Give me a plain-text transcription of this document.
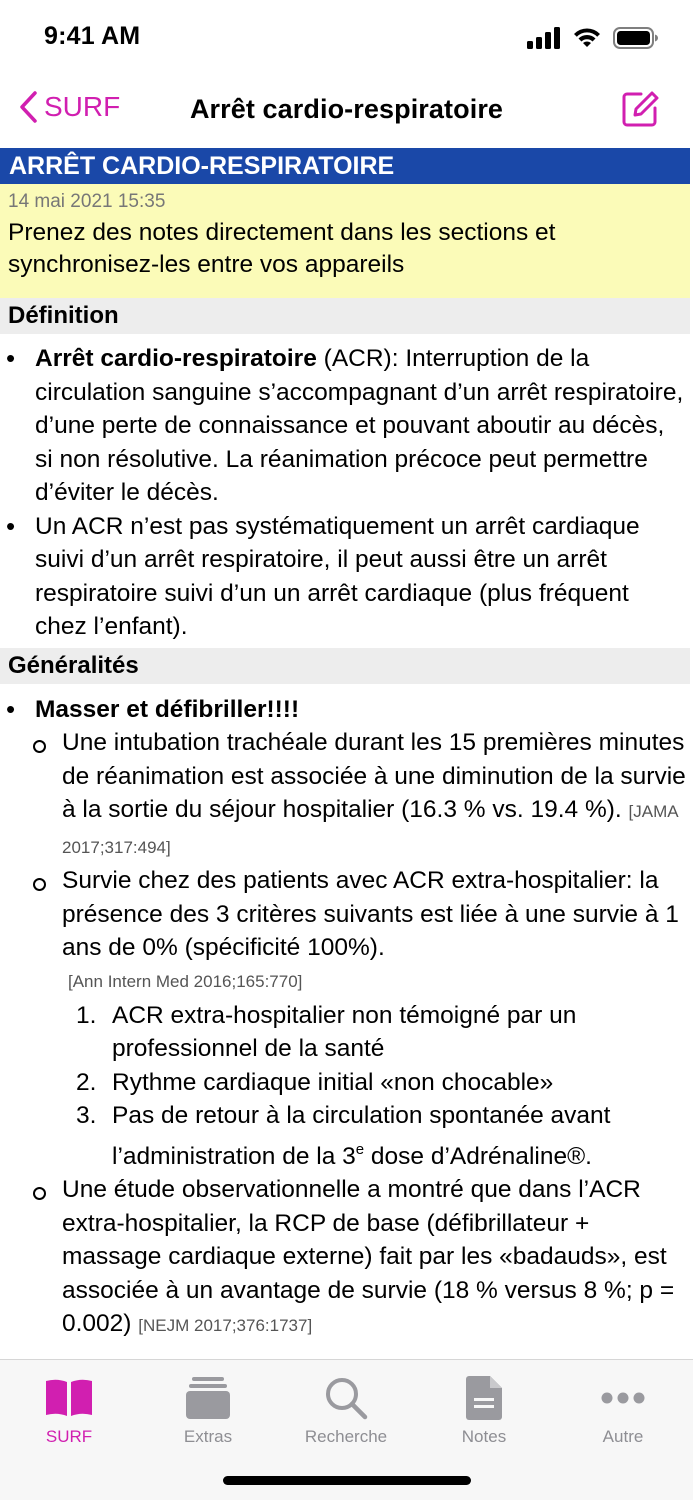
9:41 AM
SURF	Arrêt cardio-respiratoire
ARRÊT CARDIO-RESPIRATOIRE
14 mai 2021 15:35
Prenez des notes directement dans les sections et synchronisez-les entre vos appareils
Définition
• Arrêt cardio-respiratoire (ACR): Interruption de la circulation sanguine s’accompagnant d’un arrêt respiratoire, d’une perte de connaissance et pouvant aboutir au décès, si non résolutive. La réanimation précoce peut permettre d’éviter le décès.
• Un ACR n’est pas systématiquement un arrêt cardiaque suivi d’un arrêt respiratoire, il peut aussi être un arrêt respiratoire suivi d’un un arrêt cardiaque (plus fréquent chez l’enfant).
Généralités
• Masser et défibriller!!!!
Une intubation trachéale durant les 15 premières minutes de réanimation est associée à une diminution de la survie à la sortie du séjour hospitalier (16.3 % vs. 19.4 %). [JAMA 2017;317:494]
Survie chez des patients avec ACR extra-hospitalier: la présence des 3 critères suivants est liée à une survie à 1 ans de 0% (spécificité 100%).
[Ann Intern Med 2016;165:770]
1. ACR extra-hospitalier non témoigné par un professionnel de la santé
2. Rythme cardiaque initial «non chocable»
3. Pas de retour à la circulation spontanée avant l’administration de la 3e dose d’Adrénaline®.
Une étude observationnelle a montré que dans l’ACR extra-hospitalier, la RCP de base (défibrillateur + massage cardiaque externe) fait par les «badauds», est associée à un avantage de survie (18 % versus 8 %; p = 0.002) [NEJM 2017;376:1737]
SURF	Extras	Recherche	Notes	Autre
